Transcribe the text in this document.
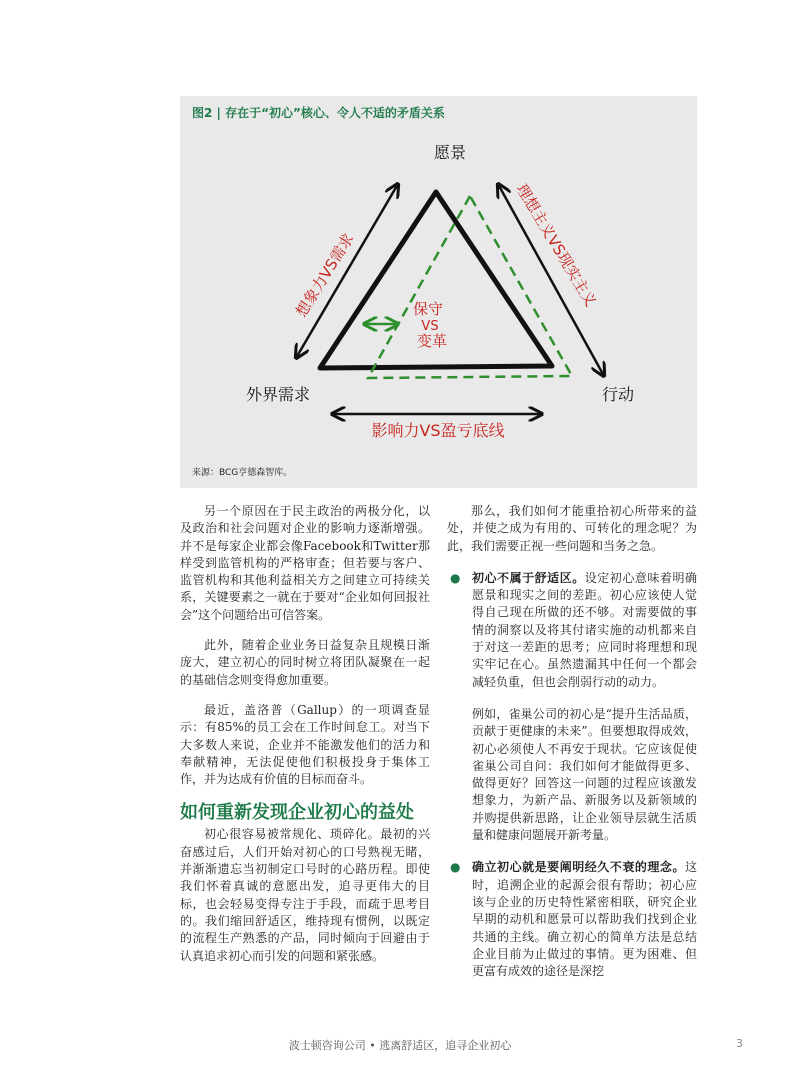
图2 | 存在于“初心”核心、令人不适的矛盾关系
愿景
外界需求	行动
想象力VS需求	理想主义VS现实主义
影响力VS盈亏底线
保守
VS
变革
来源：BCG亨德森智库。

另一个原因在于民主政治的两极分化，以及政治和社会问题对企业的影响力逐渐增强。并不是每家企业都会像Facebook和Twitter那样受到监管机构的严格审查；但若要与客户、监管机构和其他利益相关方之间建立可持续关系，关键要素之一就在于要对“企业如何回报社会”这个问题给出可信答案。

此外，随着企业业务日益复杂且规模日渐庞大，建立初心的同时树立将团队凝聚在一起的基础信念则变得愈加重要。

最近，盖洛普（Gallup）的一项调查显示：有85%的员工会在工作时间怠工。对当下大多数人来说，企业并不能激发他们的活力和奉献精神，无法促使他们积极投身于集体工作，并为达成有价值的目标而奋斗。

如何重新发现企业初心的益处

初心很容易被常规化、琐碎化。最初的兴奋感过后，人们开始对初心的口号熟视无睹，并渐渐遗忘当初制定口号时的心路历程。即使我们怀着真诚的意愿出发，追寻更伟大的目标，也会轻易变得专注于手段，而疏于思考目的。我们缩回舒适区，维持现有惯例，以既定的流程生产熟悉的产品，同时倾向于回避由于认真追求初心而引发的问题和紧张感。

那么，我们如何才能重拾初心所带来的益处，并使之成为有用的、可转化的理念呢？为此，我们需要正视一些问题和当务之急。

● 初心不属于舒适区。设定初心意味着明确愿景和现实之间的差距。初心应该使人觉得自己现在所做的还不够。对需要做的事情的洞察以及将其付诸实施的动机都来自于对这一差距的思考；应同时将理想和现实牢记在心。虽然遗漏其中任何一个都会减轻负重，但也会削弱行动的动力。

例如，雀巢公司的初心是“提升生活品质，贡献于更健康的未来”。但要想取得成效，初心必须使人不再安于现状。它应该促使雀巢公司自问：我们如何才能做得更多、做得更好？回答这一问题的过程应该激发想象力，为新产品、新服务以及新领域的并购提供新思路，让企业领导层就生活质量和健康问题展开新考量。

● 确立初心就是要阐明经久不衰的理念。这时，追溯企业的起源会很有帮助；初心应该与企业的历史特性紧密相联，研究企业早期的动机和愿景可以帮助我们找到企业共通的主线。确立初心的简单方法是总结企业目前为止做过的事情。更为困难、但更富有成效的途径是深挖
波士顿咨询公司 • 逃离舒适区，追寻企业初心	3
